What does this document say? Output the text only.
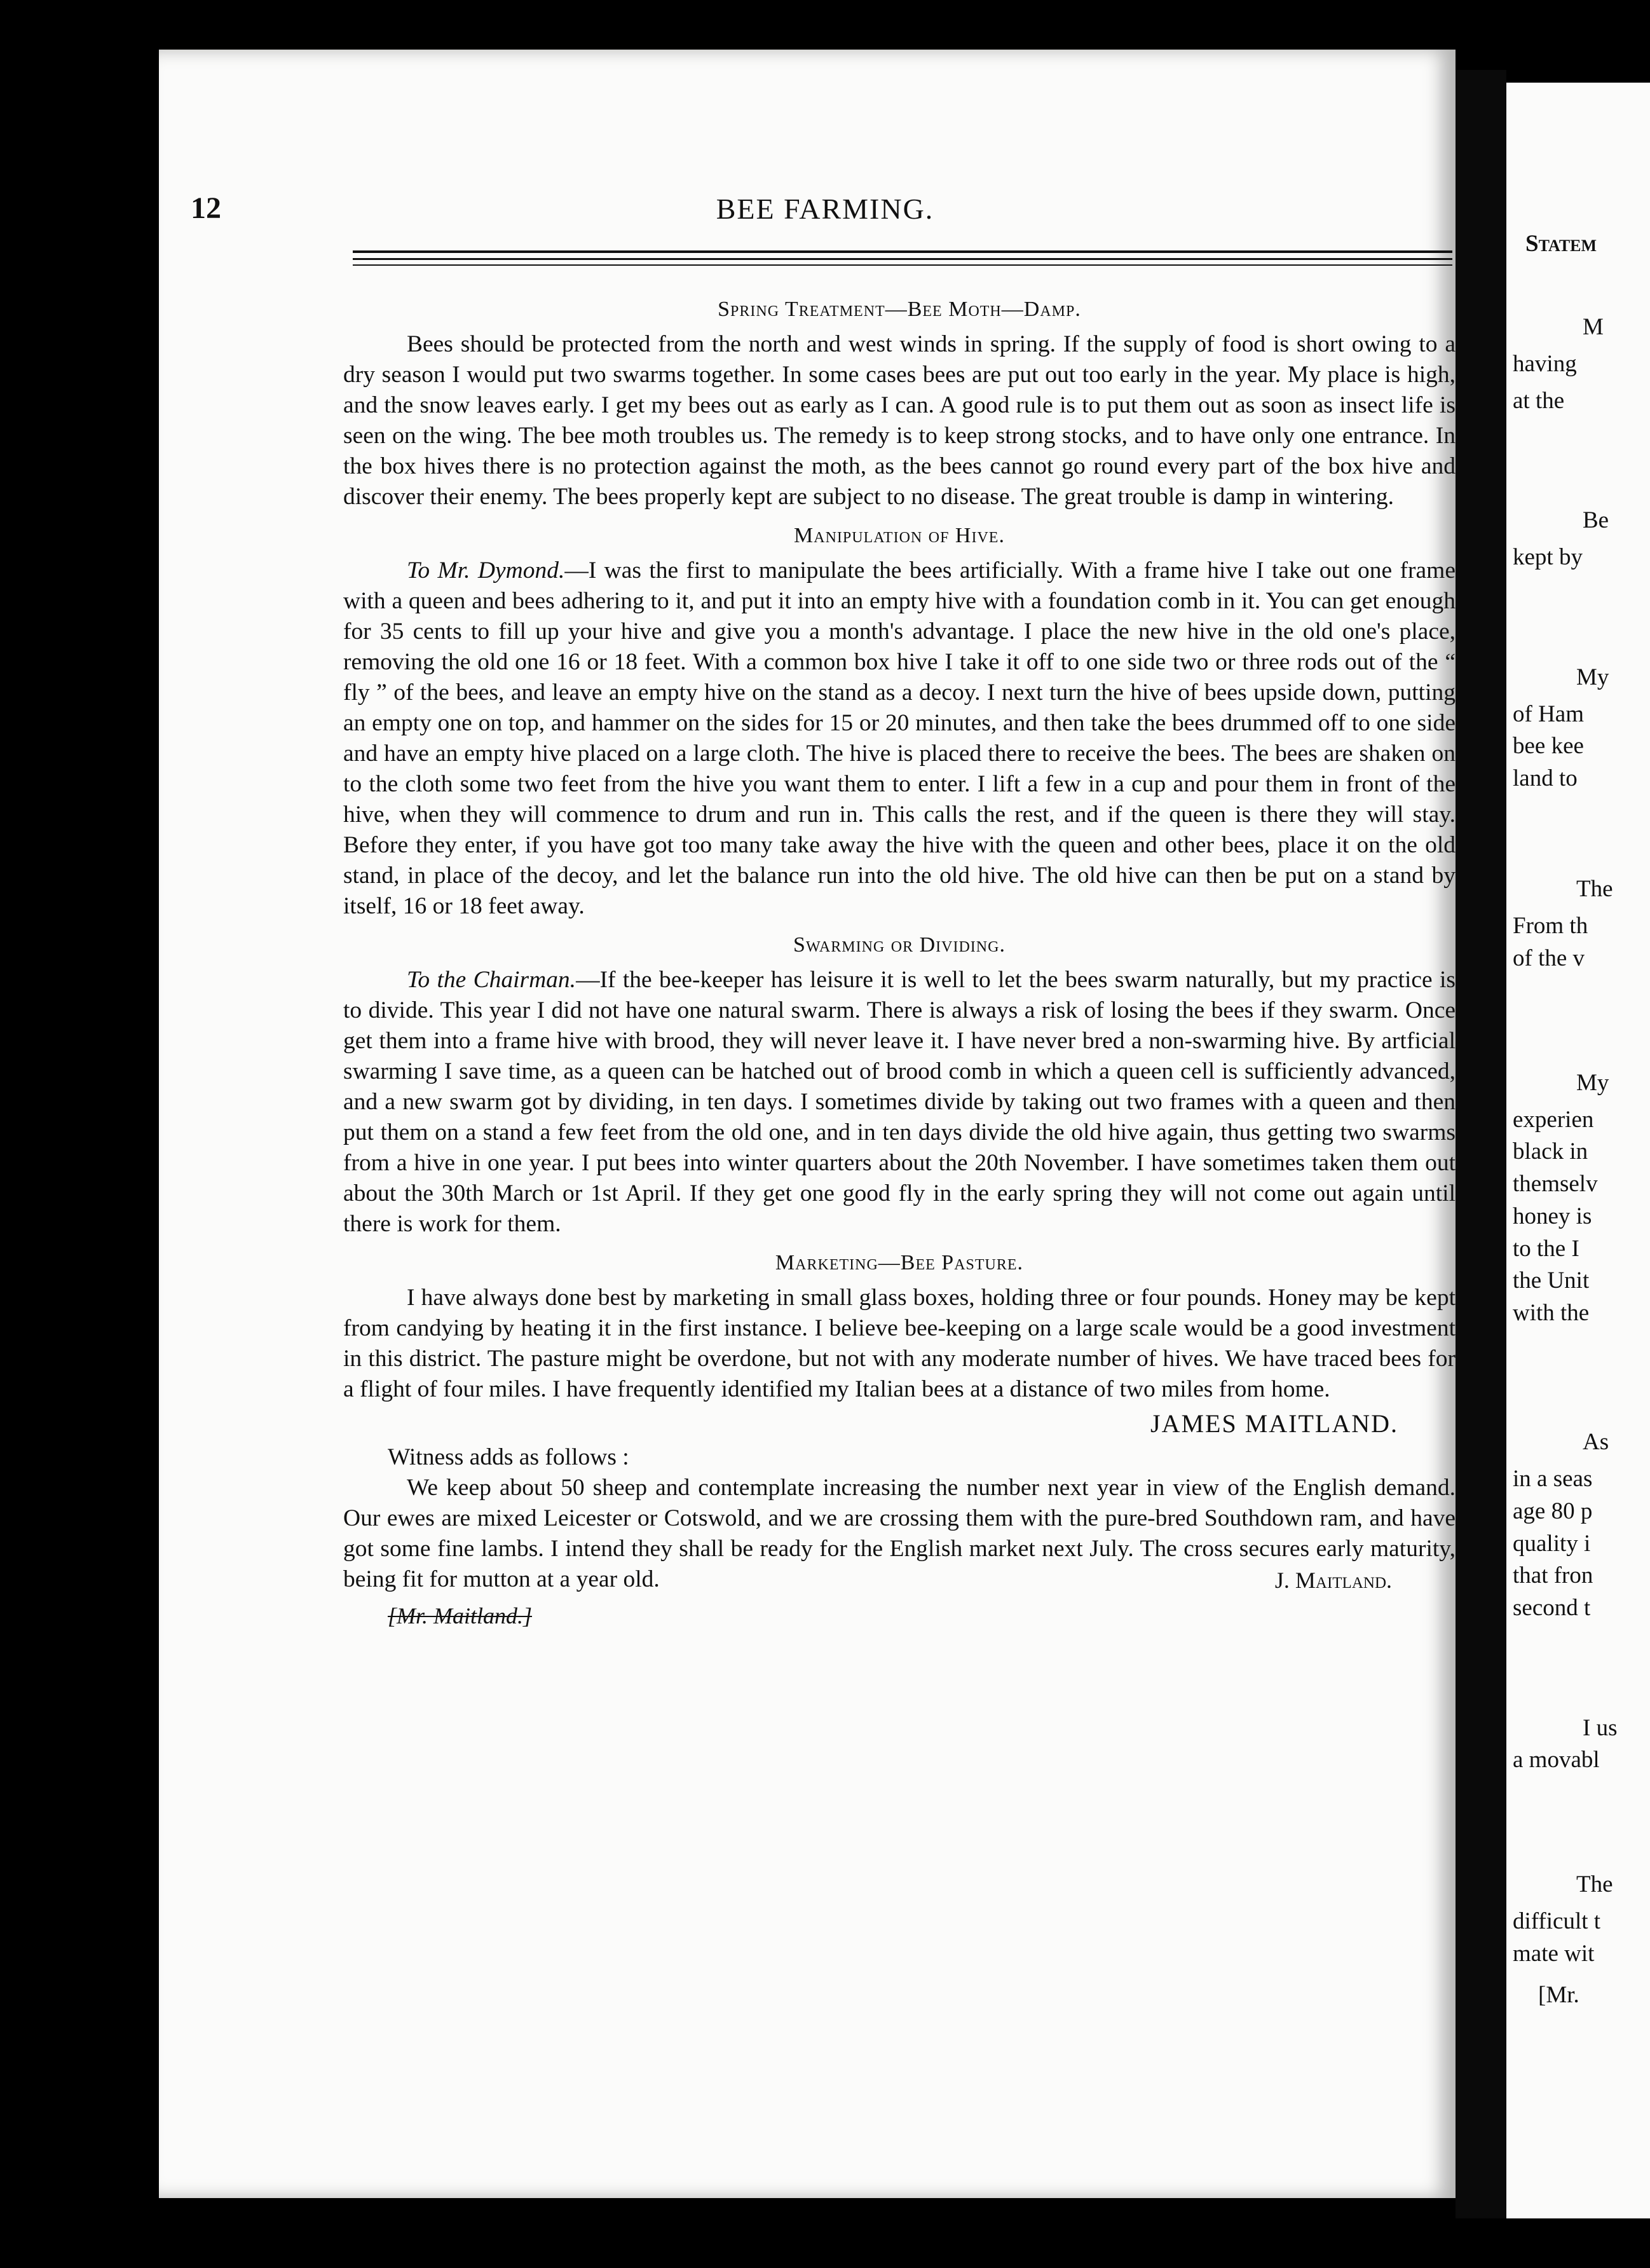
12	BEE FARMING.
Spring Treatment—Bee Moth—Damp.

Bees should be protected from the north and west winds in spring. If the supply of food is short owing to a dry season I would put two swarms together. In some cases bees are put out too early in the year. My place is high, and the snow leaves early. I get my bees out as early as I can. A good rule is to put them out as soon as insect life is seen on the wing. The bee moth troubles us. The remedy is to keep strong stocks, and to have only one entrance. In the box hives there is no protection against the moth, as the bees cannot go round every part of the box hive and discover their enemy. The bees properly kept are subject to no disease. The great trouble is damp in wintering.

Manipulation of Hive.

To Mr. Dymond.—I was the first to manipulate the bees artificially. With a frame hive I take out one frame with a queen and bees adhering to it, and put it into an empty hive with a foundation comb in it. You can get enough for 35 cents to fill up your hive and give you a month's advantage. I place the new hive in the old one's place, removing the old one 16 or 18 feet. With a common box hive I take it off to one side two or three rods out of the “ fly ” of the bees, and leave an empty hive on the stand as a decoy. I next turn the hive of bees upside down, putting an empty one on top, and hammer on the sides for 15 or 20 minutes, and then take the bees drummed off to one side and have an empty hive placed on a large cloth. The hive is placed there to receive the bees. The bees are shaken on to the cloth some two feet from the hive you want them to enter. I lift a few in a cup and pour them in front of the hive, when they will commence to drum and run in. This calls the rest, and if the queen is there they will stay. Before they enter, if you have got too many take away the hive with the queen and other bees, place it on the old stand, in place of the decoy, and let the balance run into the old hive. The old hive can then be put on a stand by itself, 16 or 18 feet away.

Swarming or Dividing.

To the Chairman.—If the bee-keeper has leisure it is well to let the bees swarm naturally, but my practice is to divide. This year I did not have one natural swarm. There is always a risk of losing the bees if they swarm. Once get them into a frame hive with brood, they will never leave it. I have never bred a non-swarming hive. By artficial swarming I save time, as a queen can be hatched out of brood comb in which a queen cell is sufficiently advanced, and a new swarm got by dividing, in ten days. I sometimes divide by taking out two frames with a queen and then put them on a stand a few feet from the old one, and in ten days divide the old hive again, thus getting two swarms from a hive in one year. I put bees into winter quarters about the 20th November. I have sometimes taken them out about the 30th March or 1st April. If they get one good fly in the early spring they will not come out again until there is work for them.

Marketing—Bee Pasture.

I have always done best by marketing in small glass boxes, holding three or four pounds. Honey may be kept from candying by heating it in the first instance. I believe bee-keeping on a large scale would be a good investment in this district. The pasture might be overdone, but not with any moderate number of hives. We have traced bees for a flight of four miles. I have frequently identified my Italian bees at a distance of two miles from home.

JAMES MAITLAND.
Witness adds as follows :

We keep about 50 sheep and contemplate increasing the number next year in view of the English demand. Our ewes are mixed Leicester or Cotswold, and we are crossing them with the pure-bred Southdown ram, and have got some fine lambs. I intend they shall be ready for the English market next July. The cross secures early maturity, being fit for mutton at a year old.	J. Maitland.
[Mr. Maitland.]
Statem
M
having
at the
Be
kept by
My
of Ham
bee kee
land to
The
From th
of the v
My
experien
black in
themselv
honey is
to the I
the Unit
with the
As
in a seas
age 80 p
quality i
that fron
second t
I us
a movabl
The
difficult t
mate wit
[Mr.
